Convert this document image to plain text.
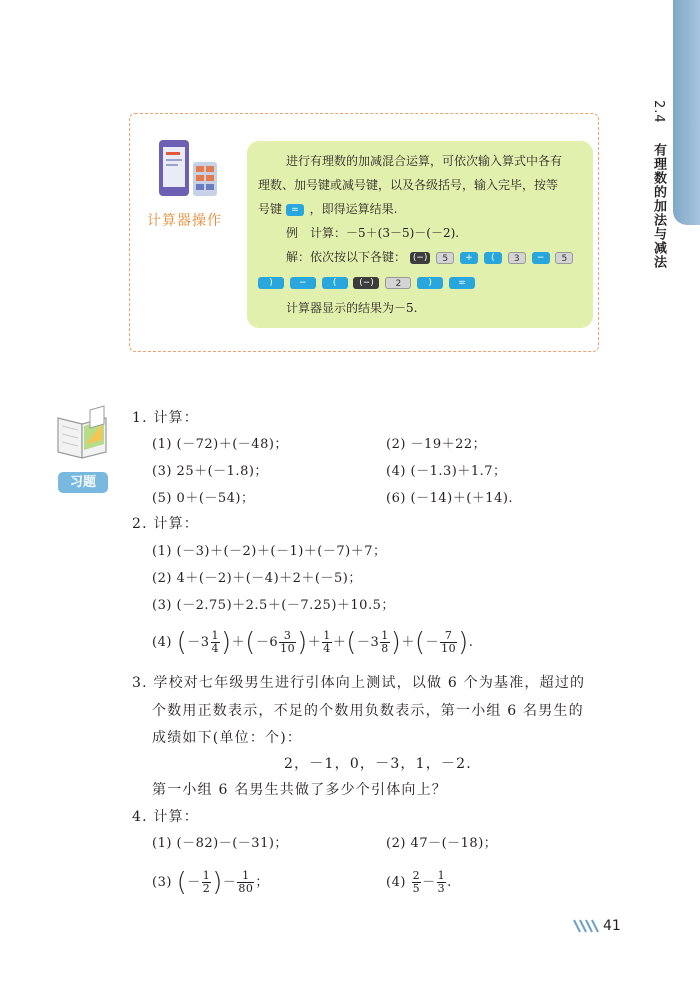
2.4 有理数的加法与减法
计算器操作
进行有理数的加减混合运算，可依次输入算式中各有
理数、加号键或减号键，以及各级括号，输入完毕，按等
号键 = ，即得运算结果.
例　计算：－5＋(3－5)－(－2).
解：依次按以下各键： (−) 5 + ( 3 − 5
)	−	(	(−) 2	)	=
计算器显示的结果为－5.
习题
1. 计算：
(1) (－72)＋(－48)；	(2) －19＋22；
(3) 25＋(－1.8)；	(4) (－1.3)＋1.7；
(5) 0＋(－54)；	(6) (－14)＋(＋14).
2. 计算：
(1) (－3)＋(－2)＋(－1)＋(－7)＋7；
(2) 4＋(－2)＋(－4)＋2＋(－5)；
(3) (－2.75)＋2.5＋(－7.25)＋10.5；
(4) $(-3 \frac{1}{4} )+(-6 \frac{3}{10}$ )＋ $\frac{1}{4} +(-3 \frac{1}{8}$ )＋(－ $\frac{7}{10}$ ).
3. 学校对七年级男生进行引体向上测试，以做 6 个为基准，超过的
个数用正数表示，不足的个数用负数表示，第一小组 6 名男生的
成绩如下(单位：个)：
2，－1，0，－3，1，－2.
第一小组 6 名男生共做了多少个引体向上？
4. 计算：
(1) (－82)－(－31)；	(2) 47－(－18)；
(3) (－ $\frac{1}{2}$ )－ $\frac{1}{80}$ ；	$(4) \frac{2}{5} - \frac{1}{3}$ .
41
